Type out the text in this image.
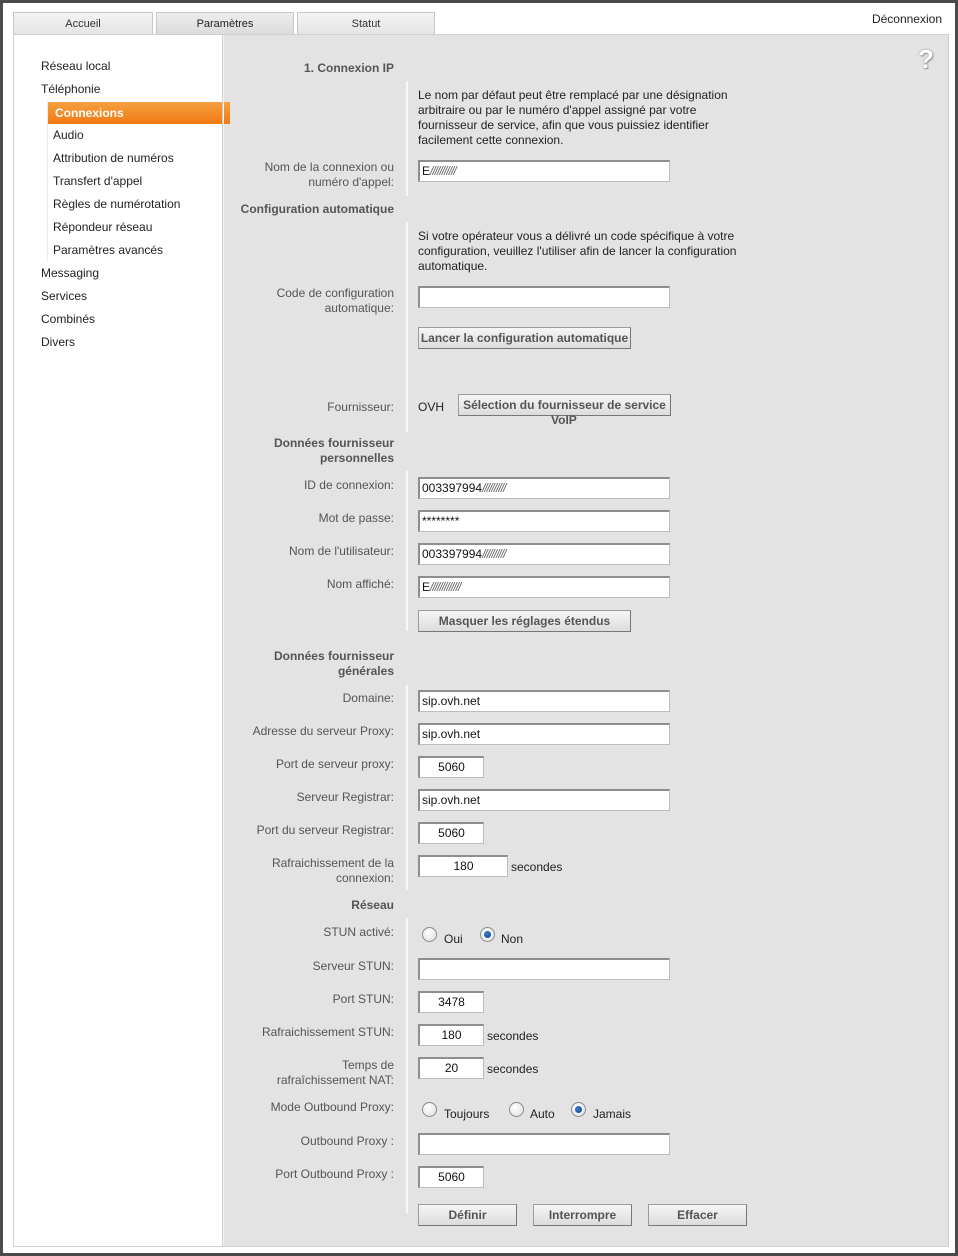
Accueil	Paramètres	Statut	Déconnexion
Réseau local
Téléphonie
Connexions
Audio
Attribution de numéros
Transfert d'appel
Règles de numérotation
Répondeur réseau
Paramètres avancés
Messaging
Services
Combinés
Divers
?
1. Connexion IP
Le nom par défaut peut être remplacé par une désignation arbitraire ou par le numéro d'appel assigné par votre fournisseur de service, afin que vous puissiez identifier facilement cette connexion.
Nom de la connexion ou
numéro d'appel:
E///////////
Configuration automatique
Si votre opérateur vous a délivré un code spécifique à votre configuration, veuillez l'utiliser afin de lancer la configuration automatique.
Code de configuration
automatique:
Lancer la configuration automatique
Fournisseur: OVH	Sélection du fournisseur de service
VoIP
Données fournisseur
personnelles
ID de connexion:	003397994//////////
Mot de passe:	********
Nom de l'utilisateur:	003397994//////////
Nom affiché:	E/////////////
Masquer les réglages étendus
Données fournisseur
générales
Domaine:	sip.ovh.net
Adresse du serveur Proxy:	sip.ovh.net
Port de serveur proxy:	5060
Serveur Registrar:	sip.ovh.net
Port du serveur Registrar:	5060
Rafraichissement de la
connexion:
180	secondes
Réseau
STUN activé:	Oui	Non
Serveur STUN:
Port STUN:	3478
Rafraichissement STUN:	180	secondes
Temps de
rafraîchissement NAT:
20	secondes
Mode Outbound Proxy:	Toujours	Auto	Jamais
Outbound Proxy :
Port Outbound Proxy :	5060
Définir	Interrompre	Effacer
